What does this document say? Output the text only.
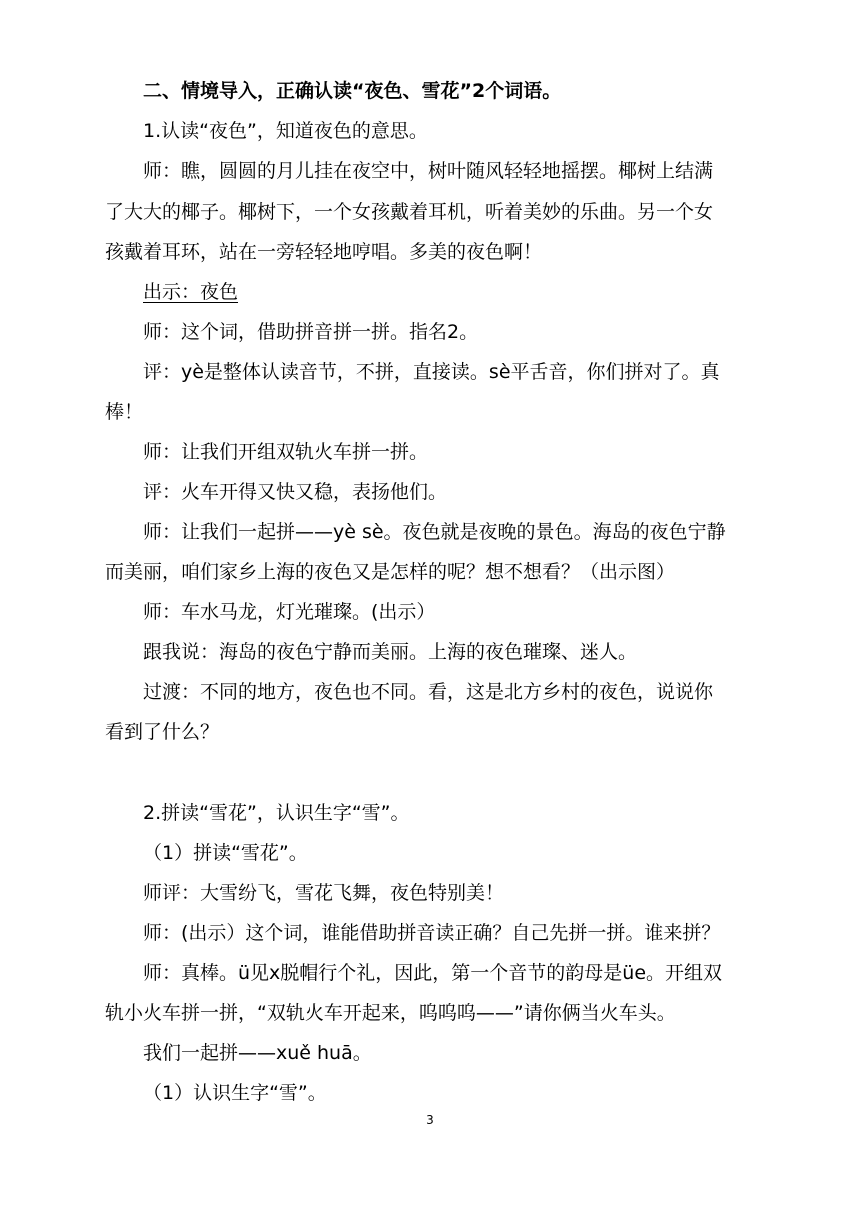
二、情境导入，正确认读“夜色、雪花”2个词语。
1.认读“夜色”，知道夜色的意思。
师：瞧，圆圆的月儿挂在夜空中，树叶随风轻轻地摇摆。椰树上结满
了大大的椰子。椰树下，一个女孩戴着耳机，听着美妙的乐曲。另一个女
孩戴着耳环，站在一旁轻轻地哼唱。多美的夜色啊！
出示：夜色
师：这个词，借助拼音拼一拼。指名2。
评：yè是整体认读音节，不拼，直接读。sè平舌音，你们拼对了。真
棒！
师：让我们开组双轨火车拼一拼。
评：火车开得又快又稳，表扬他们。
师：让我们一起拼——yè sè。夜色就是夜晚的景色。海岛的夜色宁静
而美丽，咱们家乡上海的夜色又是怎样的呢？想不想看？（出示图）
师：车水马龙，灯光璀璨。(出示）
跟我说：海岛的夜色宁静而美丽。上海的夜色璀璨、迷人。
过渡：不同的地方，夜色也不同。看，这是北方乡村的夜色，说说你
看到了什么？
2.拼读“雪花”，认识生字“雪”。
（1）拼读“雪花”。
师评：大雪纷飞，雪花飞舞，夜色特别美！
师：(出示）这个词，谁能借助拼音读正确？自己先拼一拼。谁来拼？
师：真棒。ü见x脱帽行个礼，因此，第一个音节的韵母是üe。开组双
轨小火车拼一拼，“双轨火车开起来，呜呜呜——”请你俩当火车头。
我们一起拼——xuě huā。
（1）认识生字“雪”。
3
